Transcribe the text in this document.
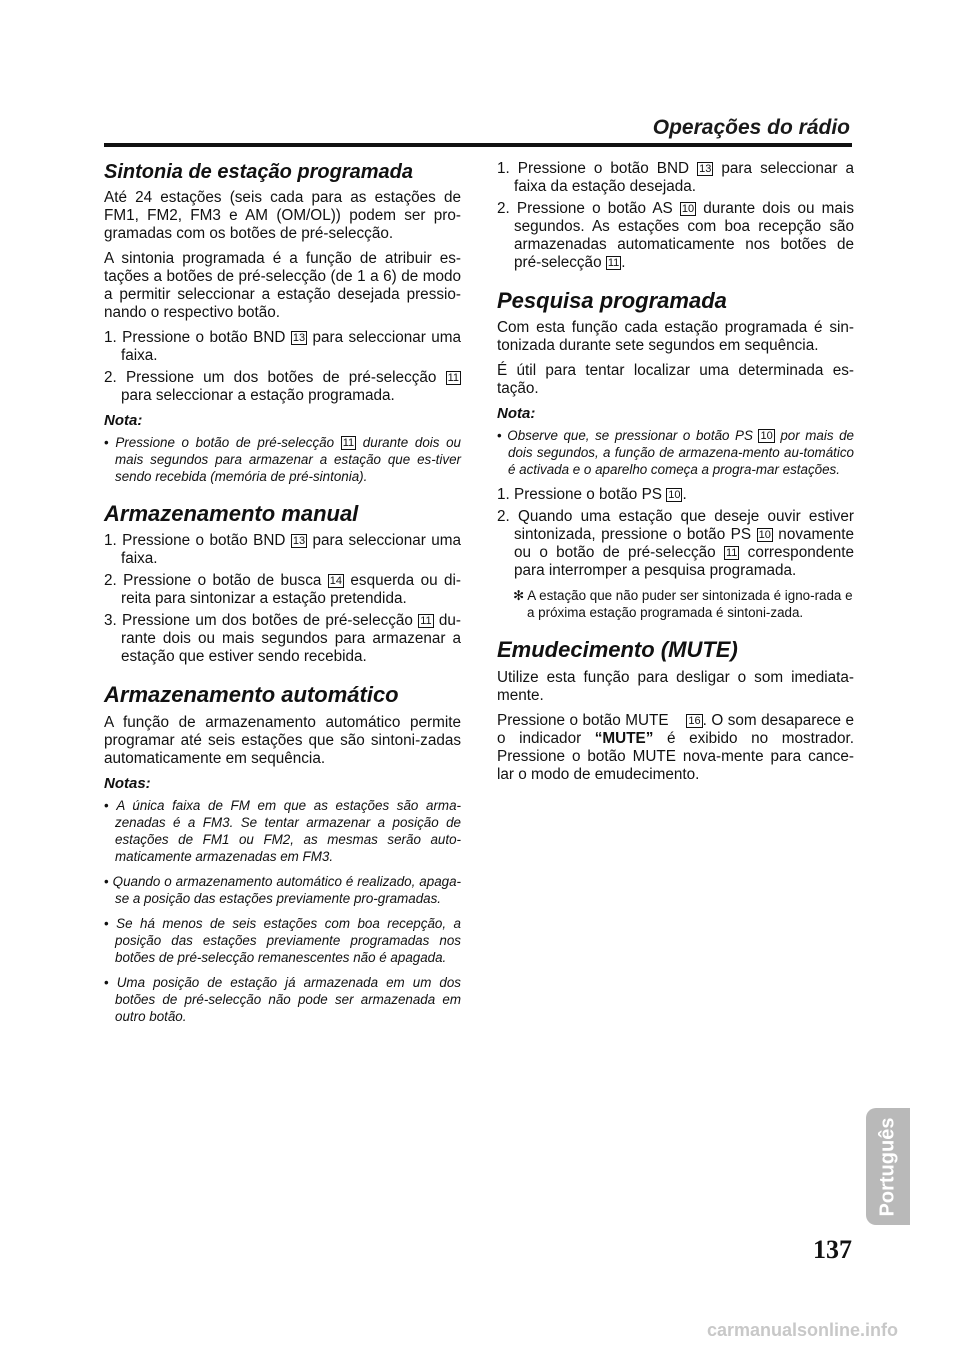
Operações do rádio
Sintonia de estação programada

Até 24 estações (seis cada para as estações de FM1, FM2, FM3 e AM (OM/OL)) podem ser pro-gramadas com os botões de pré-selecção.

A sintonia programada é a função de atribuir es-tações a botões de pré-selecção (de 1 a 6) de modo a permitir seleccionar a estação desejada pressio-nando o respectivo botão.

1. Pressione o botão BND 13 para seleccionar uma faixa.
2. Pressione um dos botões de pré-selecção 11 para seleccionar a estação programada.

Nota:

• Pressione o botão de pré-selecção 11 durante dois ou mais segundos para armazenar a estação que es-tiver sendo recebida (memória de pré-sintonia).
Armazenamento manual
1. Pressione o botão BND 13 para seleccionar uma faixa.
2. Pressione o botão de busca 14 esquerda ou di-reita para sintonizar a estação pretendida.
3. Pressione um dos botões de pré-selecção 11 du-rante dois ou mais segundos para armazenar a estação que estiver sendo recebida.
Armazenamento automático

A função de armazenamento automático permite programar até seis estações que são sintoni-zadas automaticamente em sequência.

Notas:

• A única faixa de FM em que as estações são arma-zenadas é a FM3. Se tentar armazenar a posição de estações de FM1 ou FM2, as mesmas serão auto-maticamente armazenadas em FM3.
• Quando o armazenamento automático é realizado, apaga-se a posição das estações previamente pro-gramadas.
• Se há menos de seis estações com boa recepção, a posição das estações previamente programadas nos botões de pré-selecção remanescentes não é apagada.
• Uma posição de estação já armazenada em um dos botões de pré-selecção não pode ser armazenada em outro botão.
1. Pressione o botão BND 13 para seleccionar a faixa da estação desejada.
2. Pressione o botão AS 10 durante dois ou mais segundos. As estações com boa recepção são armazenadas automaticamente nos botões de pré-selecção 11 .
Pesquisa programada

Com esta função cada estação programada é sin-tonizada durante sete segundos em sequência.

É útil para tentar localizar uma determinada es-tação.

Nota:

• Observe que, se pressionar o botão PS 10 por mais de dois segundos, a função de armazena-mento au-tomático é activada e o aparelho começa a progra-mar estações.
1. Pressione o botão PS 10 .
2. Quando uma estação que deseje ouvir estiver sintonizada, pressione o botão PS 10 novamente ou o botão de pré-selecção 11 correspondente para interromper a pesquisa programada.

✻ A estação que não puder ser sintonizada é igno-rada e a próxima estação programada é sintoni-zada.

Emudecimento (MUTE)

Utilize esta função para desligar o som imediata-mente.

Pressione o botão MUTE    16 . O som desaparece e o indicador “MUTE” é exibido no mostrador. Pressione o botão MUTE nova-mente para cance-lar o modo de emudecimento.

Português
137
carmanualsonline.info
